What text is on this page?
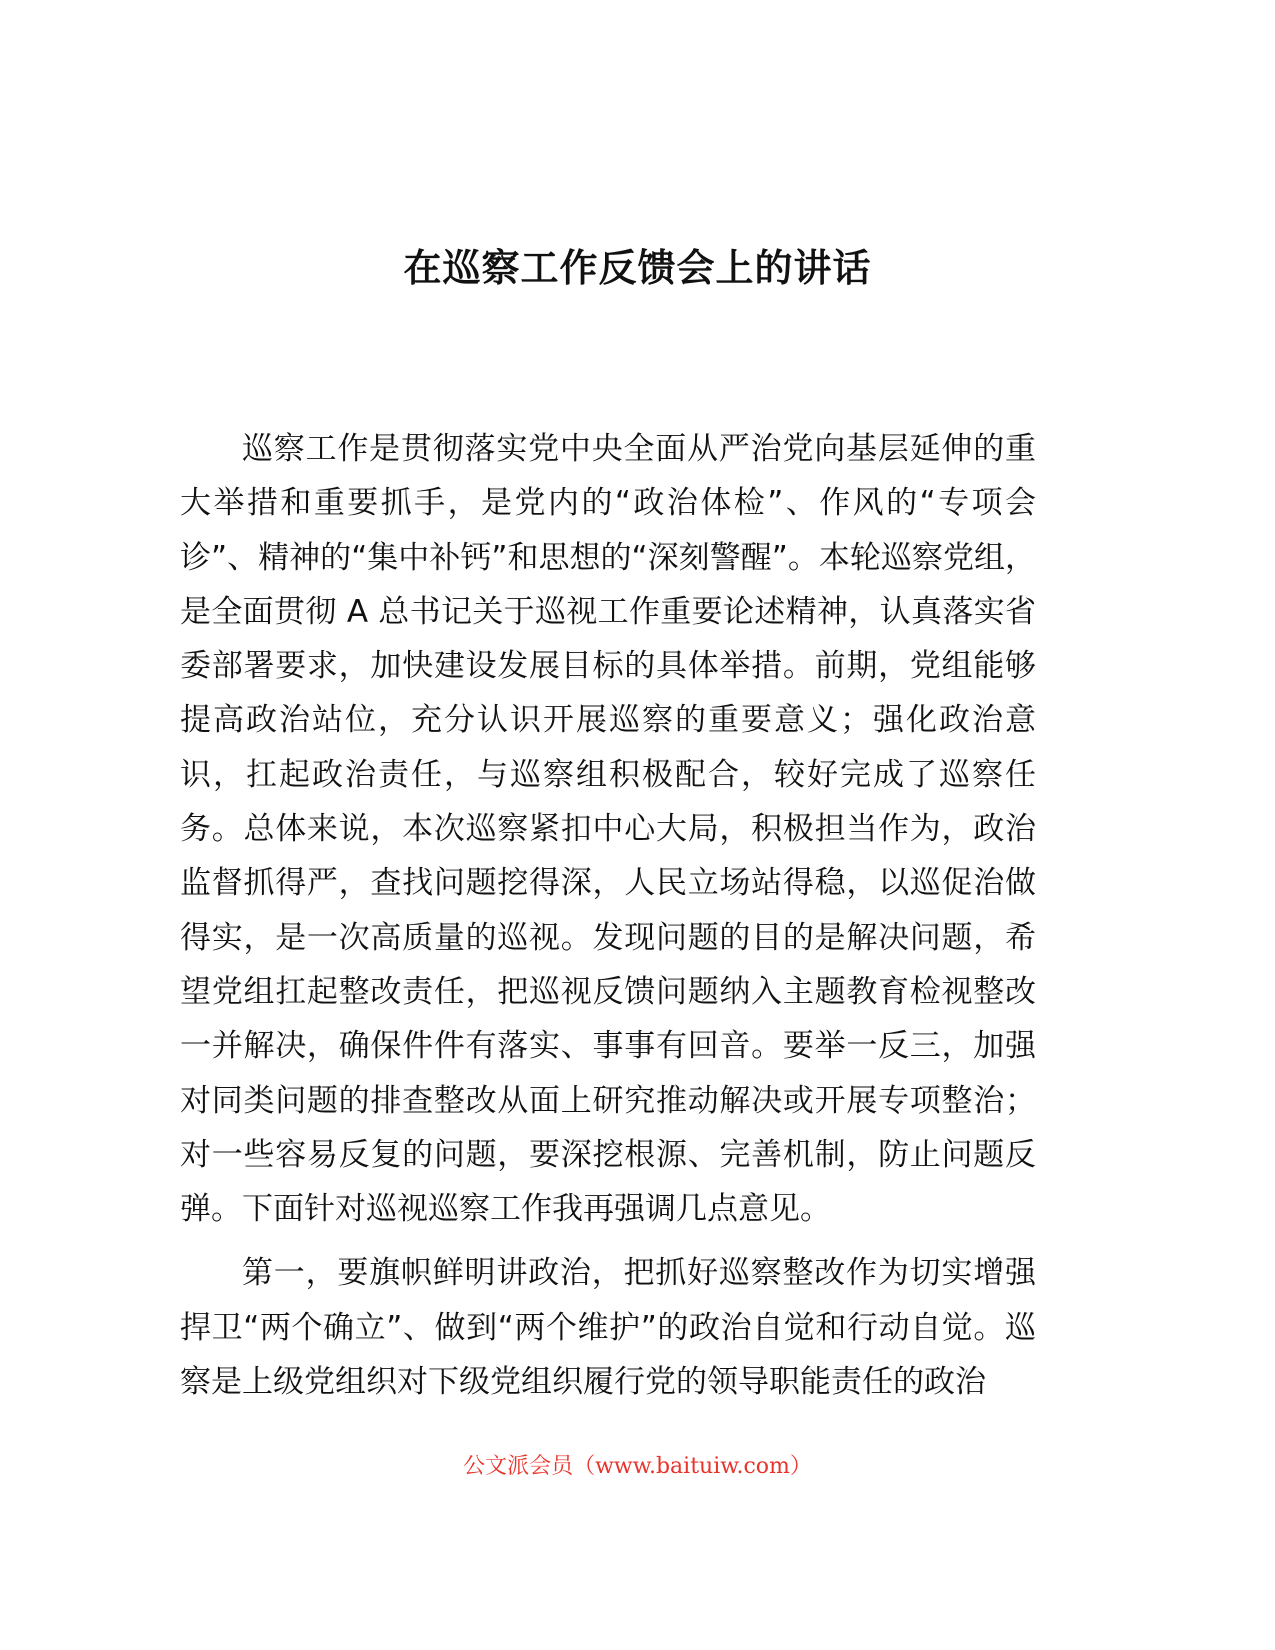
在巡察工作反馈会上的讲话

巡察工作是贯彻落实党中央全面从严治党向基层延伸的重大举措和重要抓手，是党内的“政治体检”、作风的“专项会诊”、精神的“集中补钙”和思想的“深刻警醒”。本轮巡察党组，是全面贯彻 A 总书记关于巡视工作重要论述精神，认真落实省委部署要求，加快建设发展目标的具体举措。前期，党组能够提高政治站位，充分认识开展巡察的重要意义；强化政治意识，扛起政治责任，与巡察组积极配合，较好完成了巡察任务。总体来说，本次巡察紧扣中心大局，积极担当作为，政治监督抓得严，查找问题挖得深，人民立场站得稳，以巡促治做得实，是一次高质量的巡视。发现问题的目的是解决问题，希望党组扛起整改责任，把巡视反馈问题纳入主题教育检视整改一并解决，确保件件有落实、事事有回音。要举一反三，加强对同类问题的排查整改从面上研究推动解决或开展专项整治；对一些容易反复的问题，要深挖根源、完善机制，防止问题反弹。下面针对巡视巡察工作我再强调几点意见。

第一，要旗帜鲜明讲政治，把抓好巡察整改作为切实增强捍卫“两个确立”、做到“两个维护”的政治自觉和行动自觉。巡察是上级党组织对下级党组织履行党的领导职能责任的政治

公文派会员（www.baituiw.com）
